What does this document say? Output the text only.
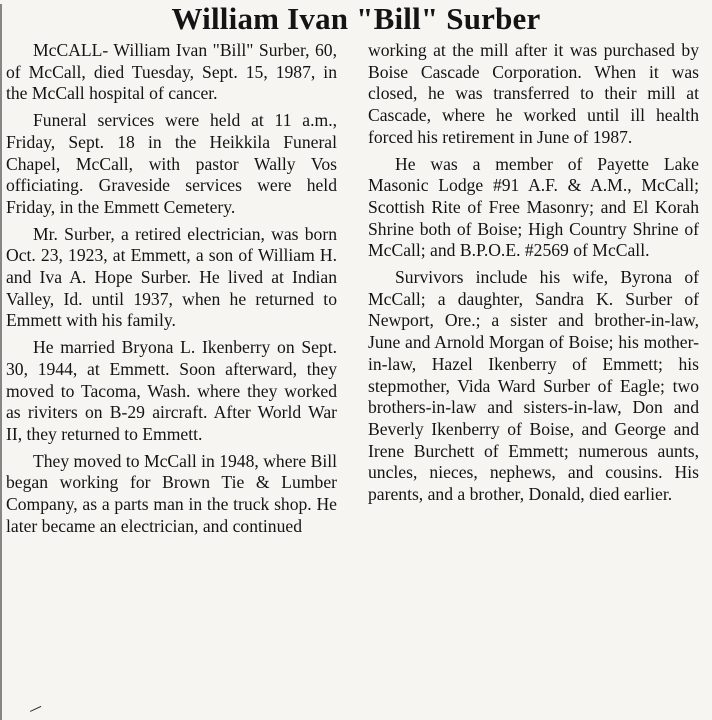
William Ivan "Bill" Surber

McCALL- William Ivan "Bill" Surber, 60, of McCall, died Tuesday, Sept. 15, 1987, in the McCall hospital of cancer.

Funeral services were held at 11 a.m., Friday, Sept. 18 in the Heikkila Funeral Chapel, McCall, with pastor Wally Vos officiating. Graveside services were held Friday, in the Emmett Cemetery.

Mr. Surber, a retired electrician, was born Oct. 23, 1923, at Emmett, a son of William H. and Iva A. Hope Surber. He lived at Indian Valley, Id. until 1937, when he returned to Emmett with his family.

He married Bryona L. Ikenberry on Sept. 30, 1944, at Emmett. Soon afterward, they moved to Tacoma, Wash. where they worked as riviters on B-29 aircraft. After World War II, they returned to Emmett.

They moved to McCall in 1948, where Bill began working for Brown Tie & Lumber Company, as a parts man in the truck shop. He later became an electrician, and continued

working at the mill after it was purchased by Boise Cascade Corporation. When it was closed, he was transferred to their mill at Cascade, where he worked until ill health forced his retirement in June of 1987.

He was a member of Payette Lake Masonic Lodge #91 A.F. & A.M., McCall; Scottish Rite of Free Masonry; and El Korah Shrine both of Boise; High Country Shrine of McCall; and B.P.O.E. #2569 of McCall.

Survivors include his wife, Byrona of McCall; a daughter, Sandra K. Surber of Newport, Ore.; a sister and brother-in-law, June and Arnold Morgan of Boise; his mother-in-law, Hazel Ikenberry of Emmett; his stepmother, Vida Ward Surber of Eagle; two brothers-in-law and sisters-in-law, Don and Beverly Ikenberry of Boise, and George and Irene Burchett of Emmett; numerous aunts, uncles, nieces, nephews, and cousins. His parents, and a brother, Donald, died earlier.
